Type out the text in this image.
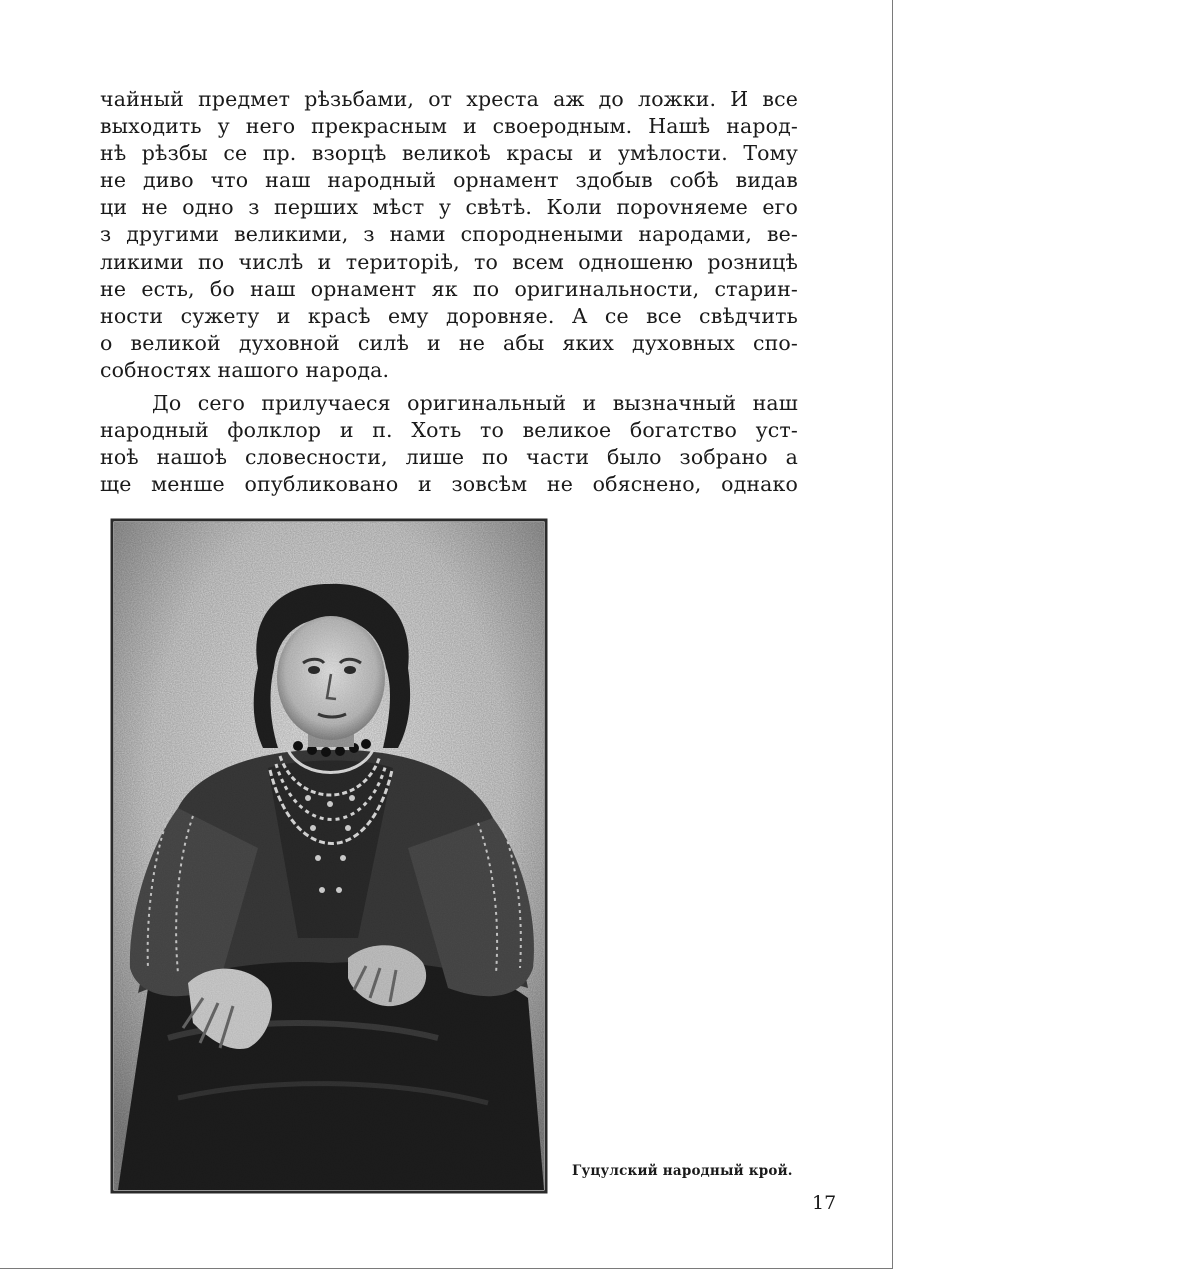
чайный предмет рѣзьбами, от хреста аж до ложки. И все
выходить у него прекрасным и своеродным. Нашѣ народ-
нѣ рѣзбы се пр. взорцѣ великоѣ красы и умѣлости. Тому
не диво что наш народный орнамент здобыв собѣ видав
ци не одно з перших мѣст у свѣтѣ. Коли порovняеме его
з другими великими, з нами спороднеными народами, ве-
ликими по числѣ и територiѣ, то всем одношеню розницѣ
не есть, бо наш орнамент як по оригинальности, старин-
ности сужету и красѣ ему доровняе. А се все свѣдчить
о великой духовной силѣ и не абы яких духовных спо-
собностях нашого народа.

До сего прилучаеся оригинальный и вызначный наш
народный фолклор и п. Хоть то великое богатство уст-
ноѣ нашоѣ словесности, лише по части было зобрано а
ще менше опубликовано и зовсѣм не обяснено, однако

Гуцулский народный крой.
17
